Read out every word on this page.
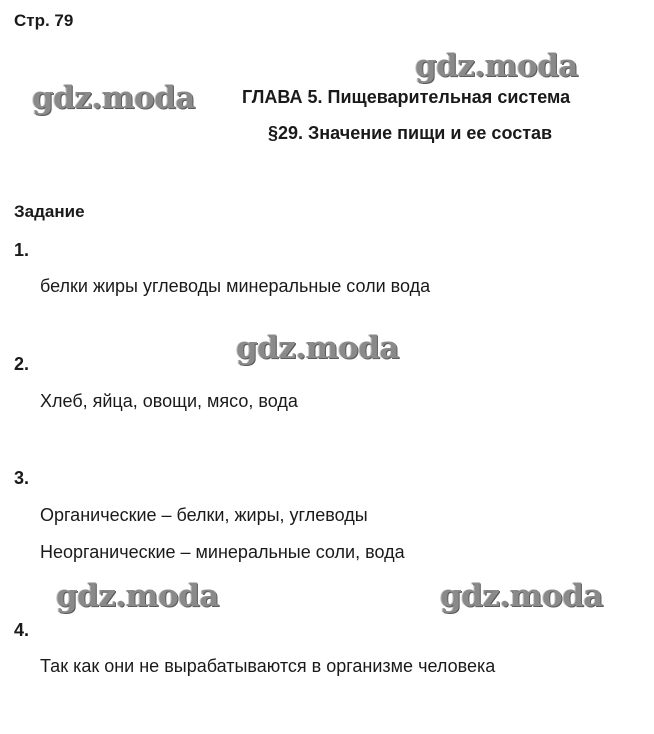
Стр. 79
gdz.moda
gdz.moda	ГЛАВА 5. Пищеварительная система
§29. Значение пищи и ее состав
Задание
1.
белки жиры углеводы минеральные соли вода
gdz.moda
2.
Хлеб, яйца, овощи, мясо, вода
3.
Органические – белки, жиры, углеводы
Неорганические – минеральные соли, вода
gdz.moda	gdz.moda
4.
Так как они не вырабатываются в организме человека
